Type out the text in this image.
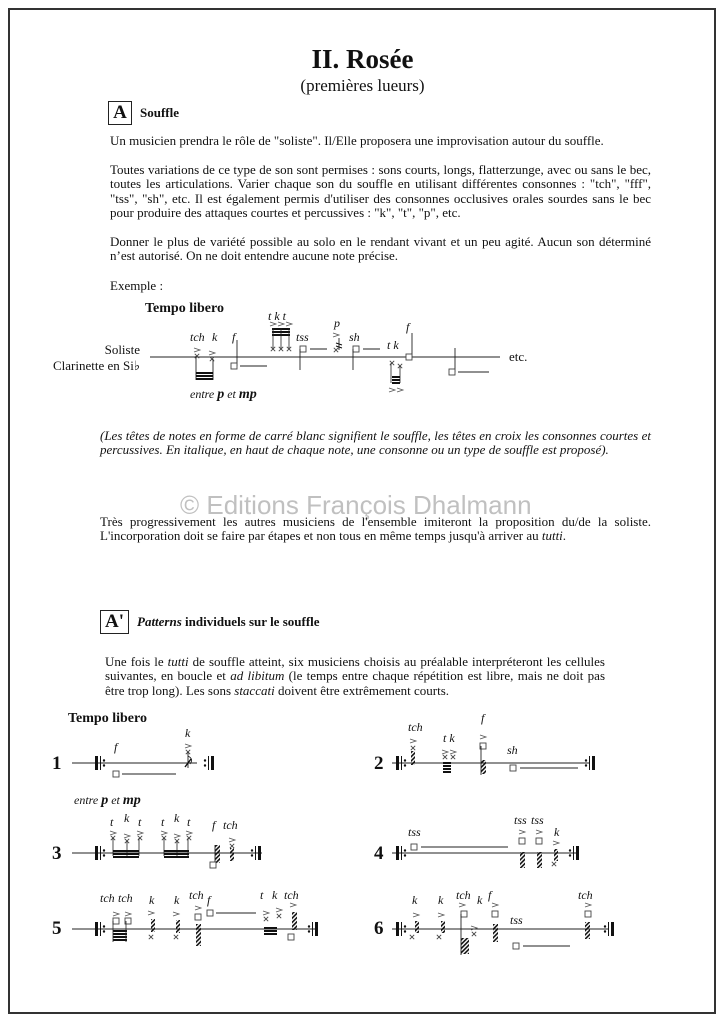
II. Rosée
(premières lueurs)
A	Souffle
Un musicien prendra le rôle de "soliste". Il/Elle proposera une improvisation autour du souffle.
Toutes variations de ce type de son sont permises : sons courts, longs, flatterzunge, avec ou sans le bec, toutes les articulations. Varier chaque son du souffle en utilisant différentes consonnes : "tch", "fff", "tss", "sh", etc. Il est également permis d'utiliser des consonnes occlusives orales sourdes sans le bec pour produire des attaques courtes et percussives : "k", "t", "p", etc.
Donner le plus de variété possible au solo en le rendant vivant et un peu agité. Aucun son déterminé n’est autorisé. On ne doit entendre aucune note précise.
Exemple :
Tempo libero
Soliste
Clarinette en Si♭
etc.
entre p et mp
(Les têtes de notes en forme de carré blanc signifient le souffle, les têtes en croix les consonnes courtes et percussives. En italique, en haut de chaque note, une consonne ou un type de souffle est proposé).
© Editions François Dhalmann
Très progressivement les autres musiciens de l'ensemble imiteront la proposition du/de la soliste. L'incorporation doit se faire par étapes et non tous en même temps jusqu'à arriver au tutti.
A'	Patterns individuels sur le souffle
Une fois le tutti de souffle atteint, six musiciens choisis au préalable interpréteront les cellules suivantes, en boucle et ad libitum (le temps entre chaque répétition est libre, mais ne doit pas être trop long). Les sons staccati doivent être extrêmement courts.
Tempo libero
entre p et mp
1	2
3	4
5	6
tch k f
t k t
tss
p
sh
t k
f
f
k	tch
t k
f
sh
t k t t k t f tch	tss
tss tss
k
tch tch k k tch f	t k tch	k k tch k f
tss
tch
